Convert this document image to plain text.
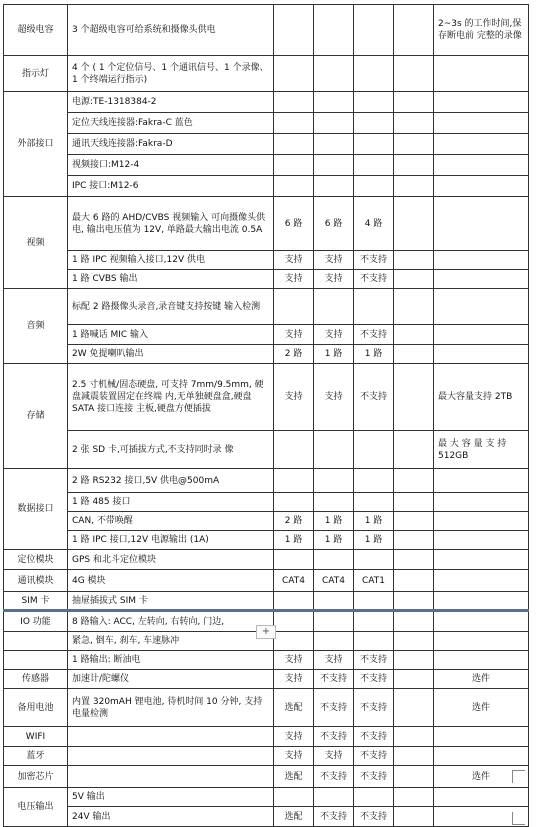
超级电容	3 个超级电容可给系统和摄像头供电					2~3s 的工作时间,保存断电前 完整的录像
指示灯	4 个 ( 1 个定位信号、1 个通讯信号、1 个录像、1 个终端运行指示)					
外部接口	电源:TE-1318384-2					
	定位天线连接器:Fakra-C 蓝色					
	通讯天线连接器:Fakra-D					
	视频接口:M12-4					
	IPC 接口:M12-6					
视频	最大 6 路的 AHD/CVBS 视频输入 可向摄像头供电, 输出电压值为 12V, 单路最大输出电流 0.5A	6 路	6 路	4 路		
	1 路 IPC 视频输入接口,12V 供电	支持	支持	不支持		
	1 路 CVBS 输出	支持	支持	不支持		
音频	标配 2 路摄像头录音,录音键支持按键 输入检测					
	1 路喊话 MIC 输入	支持	支持	不支持		
	2W 免提喇叭输出	2 路	1 路	1 路		
存储	2.5 寸机械/固态硬盘, 可支持 7mm/9.5mm, 硬盘减震装置固定在终端 内,无单独硬盘盒,硬盘 SATA 接口连接 主板,硬盘方便插拔	支持	支持	不支持		最大容量支持 2TB
	2 张 SD 卡,可插拔方式,不支持同时录 像					最 大 容 量 支 持 512GB
数据接口	2 路 RS232 接口,5V 供电@500mA					
	1 路 485 接口					
	CAN, 不带唤醒	2 路	1 路	1 路		
	1 路 IPC 接口,12V 电源输出 (1A)	1 路	1 路	1 路		
定位模块	GPS 和北斗定位模块					
通讯模块	4G 模块	CAT4	CAT4	CAT1		
SIM 卡	抽屉插拔式 SIM 卡					
IO 功能	8 路输入: ACC, 左转向, 右转向, 门边,					
	紧急, 倒车, 刹车, 车速脉冲					
	1 路输出: 断油电	支持	支持	不支持		
传感器	加速计/陀螺仪	支持	不支持	不支持		选件
备用电池	内置 320mAH 锂电池, 待机时间 10 分钟, 支持电量检测	选配	不支持	不支持		选件
WIFI		支持	不支持	不支持		
蓝牙		支持	支持	不支持		
加密芯片		选配	不支持	不支持		选件
电压输出	5V 输出					
	24V 输出	选配	不支持	不支持		
+
